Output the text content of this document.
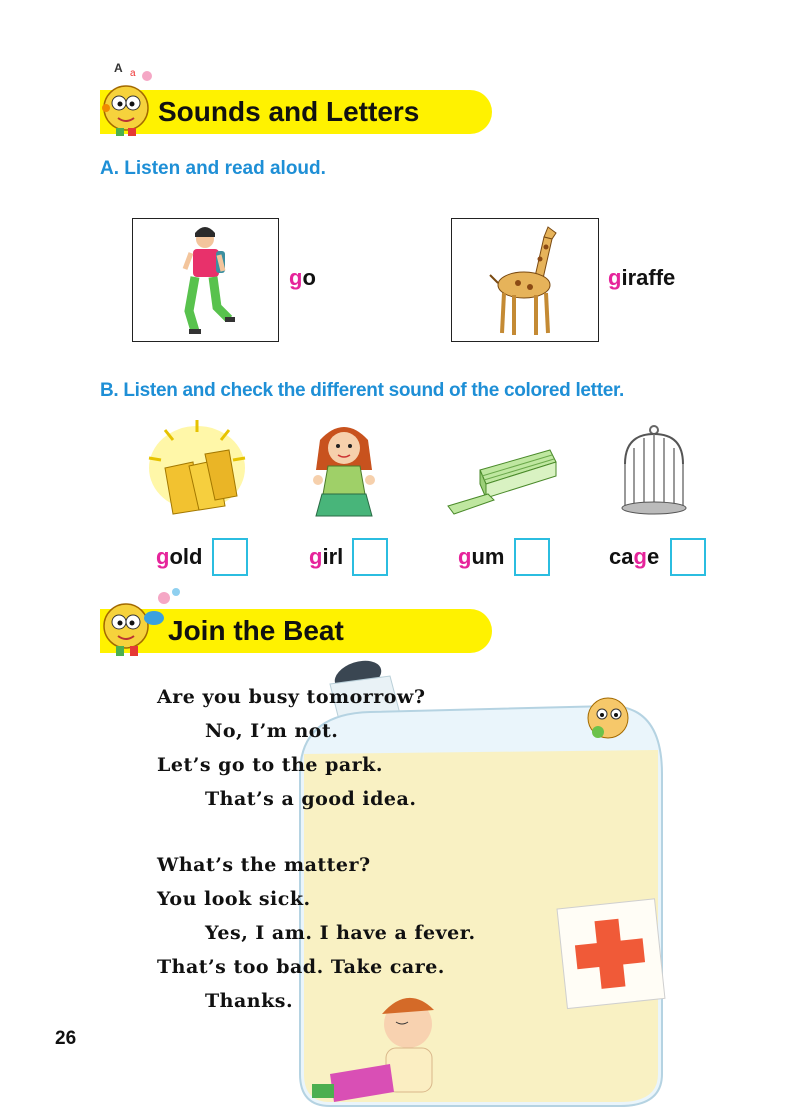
Sounds and Letters
A a
A. Listen and read aloud.
go	giraffe
B. Listen and check the different sound of the colored letter.
gold	girl	gum	cage
Join the Beat
Are you busy tomorrow?
No, I’m not.
Let’s go to the park.
That’s a good idea.
What’s the matter?
You look sick.
Yes, I am. I have a fever.
That’s too bad. Take care.
Thanks.
26
